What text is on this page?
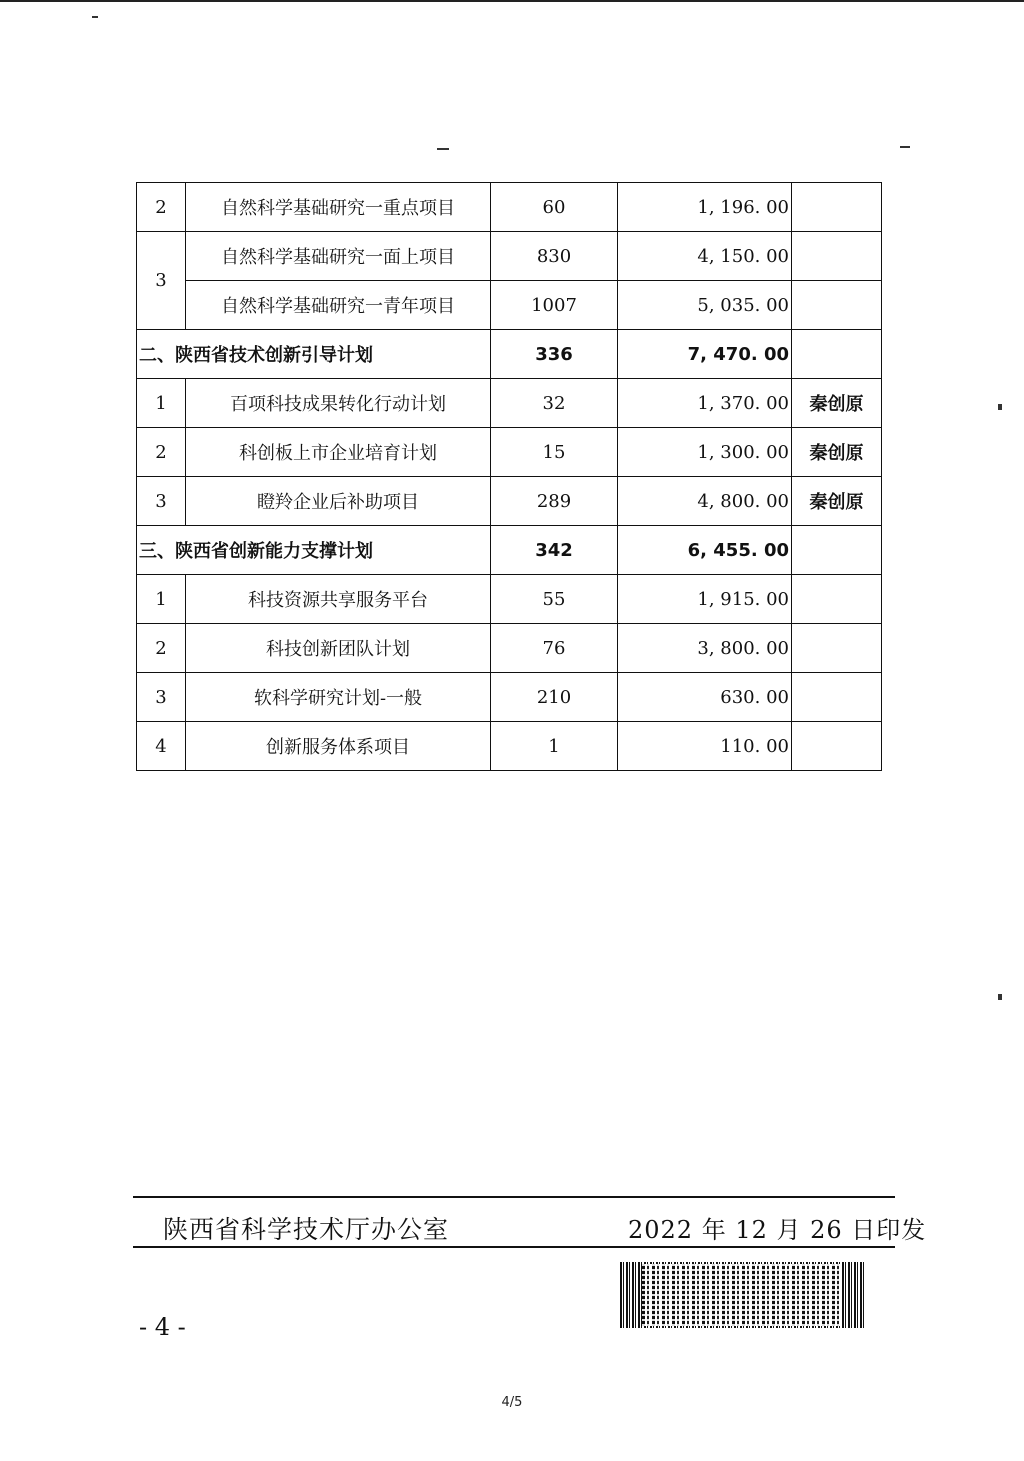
2	自然科学基础研究一重点项目	60	1, 196. 00	
3	自然科学基础研究一面上项目	830	4, 150. 00	
	自然科学基础研究一青年项目	1007	5, 035. 00	
二、陕西省技术创新引导计划		336	7, 470. 00	
1	百项科技成果转化行动计划	32	1, 370. 00	秦创原
2	科创板上市企业培育计划	15	1, 300. 00	秦创原
3	瞪羚企业后补助项目	289	4, 800. 00	秦创原
三、陕西省创新能力支撑计划		342	6, 455. 00	
1	科技资源共享服务平台	55	1, 915. 00	
2	科技创新团队计划	76	3, 800. 00	
3	软科学研究计划-一般	210	630. 00	
4	创新服务体系项目	1	110. 00	
陕西省科学技术厅办公室	2022 年 12 月 26 日印发
- 4 -
4/5
